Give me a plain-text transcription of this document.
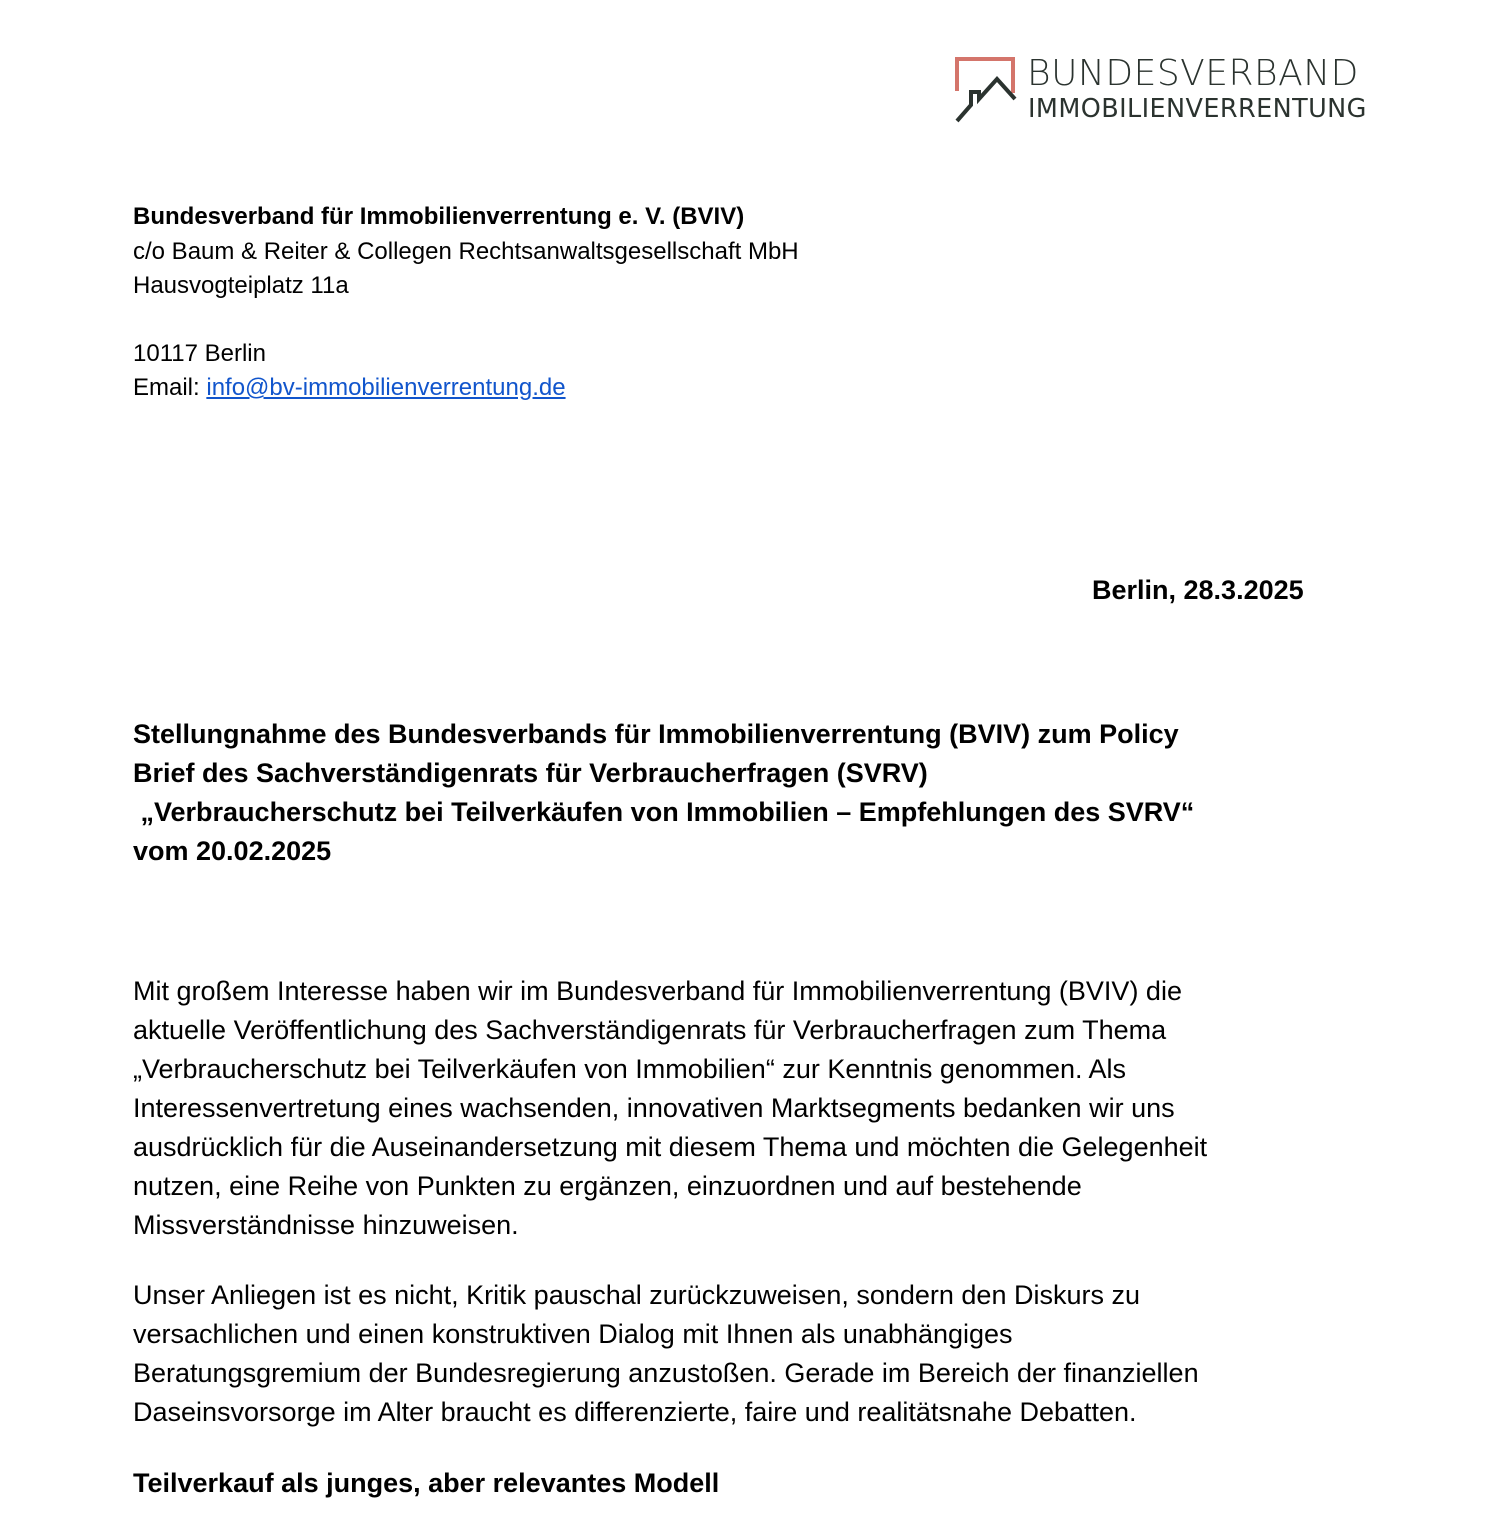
BUNDESVERBAND
IMMOBILIENVERRENTUNG
Bundesverband für Immobilienverrentung e. V. (BVIV)
c/o Baum & Reiter & Collegen Rechtsanwaltsgesellschaft MbH
Hausvogteiplatz 11a
10117 Berlin
Email: info@bv-immobilienverrentung.de
Berlin, 28.3.2025
Stellungnahme des Bundesverbands für Immobilienverrentung (BVIV) zum Policy
Brief des Sachverständigenrats für Verbraucherfragen (SVRV)
„Verbraucherschutz bei Teilverkäufen von Immobilien – Empfehlungen des SVRV“
vom 20.02.2025
Mit großem Interesse haben wir im Bundesverband für Immobilienverrentung (BVIV) die
aktuelle Veröffentlichung des Sachverständigenrats für Verbraucherfragen zum Thema
„Verbraucherschutz bei Teilverkäufen von Immobilien“ zur Kenntnis genommen. Als
Interessenvertretung eines wachsenden, innovativen Marktsegments bedanken wir uns
ausdrücklich für die Auseinandersetzung mit diesem Thema und möchten die Gelegenheit
nutzen, eine Reihe von Punkten zu ergänzen, einzuordnen und auf bestehende
Missverständnisse hinzuweisen.
Unser Anliegen ist es nicht, Kritik pauschal zurückzuweisen, sondern den Diskurs zu
versachlichen und einen konstruktiven Dialog mit Ihnen als unabhängiges
Beratungsgremium der Bundesregierung anzustoßen. Gerade im Bereich der finanziellen
Daseinsvorsorge im Alter braucht es differenzierte, faire und realitätsnahe Debatten.
Teilverkauf als junges, aber relevantes Modell
